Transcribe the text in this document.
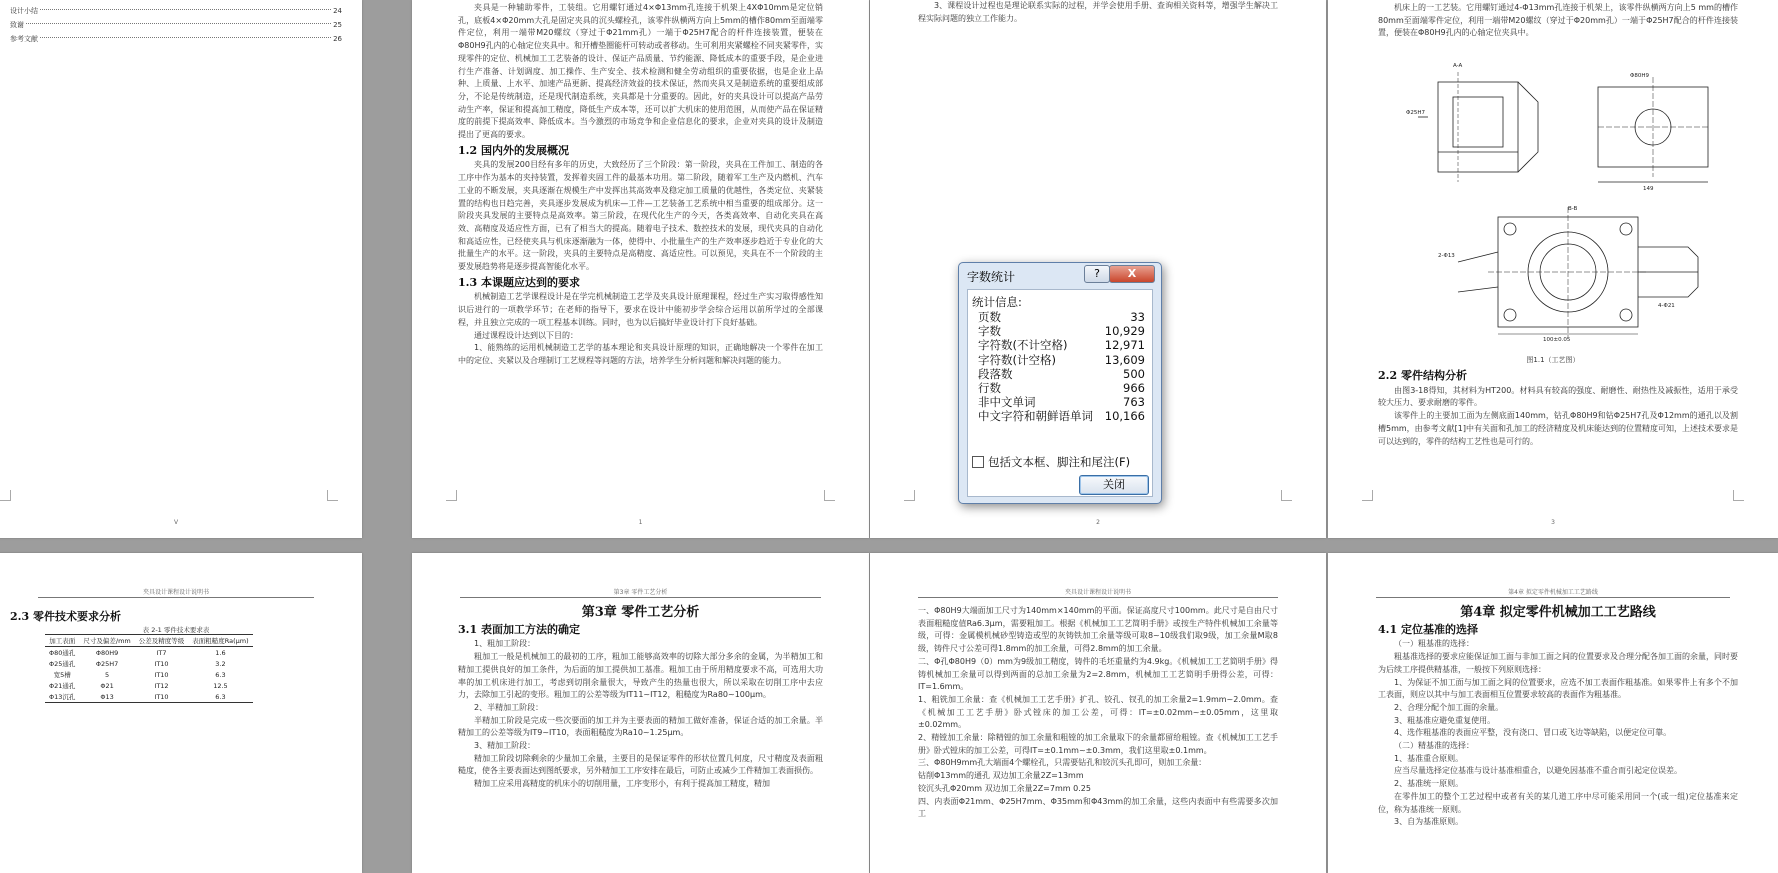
设计小结	24
致谢	25
参考文献	26
V

夹具是一种辅助零件，工装组。它用螺钉通过4×Φ13mm孔连接于机架上4XΦ10mm是定位销孔，底板4×Φ20mm大孔是固定夹具的沉头螺栓孔，该零件纵横两方向上5mm的槽作80mm至面端零件定位，利用一端带M20螺纹（穿过于Φ21mm孔）一端于Φ25H7配合的杆件连接装置，便装在Φ80H9孔内的心轴定位夹具中。和开槽垫圈能杆可转动或者移动。生可利用夹紧螺栓不同夹紧零件，实现零件的定位、机械加工工艺装备的设计、保证产品质量、节约能源、降低成本的重要手段，是企业进行生产准备、计划调度、加工操作、生产安全、技术检测和健全劳动组织的重要依据，也是企业上品种、上质量、上水平、加速产品更新、提高经济效益的技术保证，然而夹具又是制造系统的重要组成部分，不论是传统制造，还是现代制造系统，夹具都是十分重要的。因此，好的夹具设计可以提高产品劳动生产率，保证和提高加工精度，降低生产成本等，还可以扩大机床的使用范围，从而使产品在保证精度的前提下提高效率、降低成本。当今激烈的市场竞争和企业信息化的要求，企业对夹具的设计及制造提出了更高的要求。

1.2 国内外的发展概况

夹具的发展200目经有多年的历史，大致经历了三个阶段：第一阶段，夹具在工件加工、制造的各工序中作为基本的夹持装置，发挥着夹固工件的最基本功用。第二阶段，随着军工生产及内燃机、汽车工业的不断发展，夹具逐渐在规模生产中发挥出其高效率及稳定加工质量的优越性，各类定位、夹紧装置的结构也日趋完善，夹具逐步发展成为机床—工件—工艺装备工艺系统中相当重要的组成部分。这一阶段夹具发展的主要特点是高效率。第三阶段，在现代化生产的今天，各类高效率、自动化夹具在高效、高精度及适应性方面，已有了相当大的提高。随着电子技术、数控技术的发展，现代夹具的自动化和高适应性，已经使夹具与机床逐渐融为一体，使得中、小批量生产的生产效率逐步趋近于专业化的大批量生产的水平。这一阶段，夹具的主要特点是高精度、高适应性。可以预见，夹具在不一个阶段的主要发展趋势将是逐步提高智能化水平。

1.3 本课题应达到的要求

机械制造工艺学课程设计是在学完机械制造工艺学及夹具设计原理课程，经过生产实习取得感性知识后进行的一项教学环节；在老师的指导下，要求在设计中能初步学会综合运用以前所学过的全部课程，并且独立完成的一项工程基本训练。同时，也为以后搞好毕业设计打下良好基础。

通过课程设计达到以下目的：

1、能熟练的运用机械制造工艺学的基本理论和夹具设计原理的知识，正确地解决一个零件在加工中的定位、夹紧以及合理制订工艺规程等问题的方法，培养学生分析问题和解决问题的能力。

1

3、课程设计过程也是理论联系实际的过程，并学会使用手册、查询相关资料等，增强学生解决工程实际问题的独立工作能力。

2

机床上的一工艺装。它用螺钉通过4-Φ13mm孔连接于机架上，该零件纵横两方向上5 mm的槽作80mm至面端零件定位，利用一端带M20螺纹（穿过于Φ20mm孔）一端于Φ25H7配合的杆件连接装置，便装在Φ80H9孔内的心轴定位夹具中。

Φ80H9
149
Φ25H7
2-Φ13
100±0.05
4-Φ21
A-A
B-B
图1.1（工艺图）
2.2 零件结构分析

由图3-18得知，其材料为HT200。材料具有较高的强度、耐磨性、耐热性及减振性，适用于承受较大压力、要求耐磨的零件。

该零件上的主要加工面为左侧底面140mm，钻孔Φ80H9和钻Φ25H7孔及Φ12mm的通孔以及割槽5mm，由参考文献[1]中有关面和孔加工的经济精度及机床能达到的位置精度可知，上述技术要求是可以达到的，零件的结构工艺性也是可行的。

3
夹具设计课程设计说明书
2.3 零件技术要求分析
表 2-1 零件技术要求表
加工表面	尺寸及偏差/mm	公差及精度等级	表面粗糙度Ra(μm)
Φ80通孔	Φ80H9	IT7	1.6
Φ25通孔	Φ25H7	IT10	3.2
宽5槽	5	IT10	6.3
Φ21通孔	Φ21	IT12	12.5
Φ13沉孔	Φ13	IT10	6.3
第3章 零件工艺分析
第3章 零件工艺分析
3.1 表面加工方法的确定

1、粗加工阶段：

粗加工一般是机械加工的最初的工序，粗加工能够高效率的切除大部分多余的金属，为半精加工和精加工提供良好的加工条件，为后面的加工提供加工基准。粗加工由于所用精度要求不高，可选用大功率的加工机床进行加工，考虑到切削余量很大，导致产生的热量也很大，所以采取在切削工序中去应力，去除加工引起的变形。粗加工的公差等级为IT11~IT12，粗糙度为Ra80~100μm。

2、半精加工阶段：

半精加工阶段是完成一些次要面的加工并为主要表面的精加工做好准备，保证合适的加工余量。半精加工的公差等级为IT9~IT10，表面粗糙度为Ra10~1.25μm。

3、精加工阶段：

精加工阶段切除剩余的少量加工余量，主要目的是保证零件的形状位置几何度，尺寸精度及表面粗糙度，使各主要表面达到图纸要求，另外精加工工序安排在最后，可防止或减少工件精加工表面损伤。

精加工应采用高精度的机床小的切削用量，工序变形小，有利于提高加工精度，精加

夹具设计课程设计说明书

一、Φ80H9大端面加工尺寸为140mm×140mm的平面。保证高度尺寸100mm。此尺寸是自由尺寸表面粗糙度值Ra6.3μm，需要粗加工。根据《机械加工工艺简明手册》或按生产特件机械加工余量等级，可得：金属模机械砂型铸造或型的灰铸铁加工余量等级可取8~10级我们取9级，加工余量M取8级，铸件尺寸公差可得1.8mm的加工余量，可得2.8mm的加工余量。

二、Φ孔Φ80H9（0）mm为9级加工精度，铸件的毛坯重量约为4.9kg。《机械加工工艺简明手册》得铸机械加工余量可以得到两面的总加工余量为2=2.8mm，机械加工工艺简明手册得公差，可得：IT=1.6mm。

1、粗铣加工余量：查《机械加工工艺手册》扩孔、铰孔、钗孔的加工余量2=1.9mm~2.0mm。查《机械加工工艺手册》卧式镗床的加工公差，可得：IT=±0.02mm~±0.05mm，这里取±0.02mm。

2、精镗加工余量：除精镗的加工余量和粗镗的加工余量取下的余量都留给粗镗。查《机械加工工艺手册》卧式镗床的加工公差，可得IT=±0.1mm~±0.3mm，我们这里取±0.1mm。

三、Φ80H9mm孔大端面4个螺栓孔，只需要钻孔和铰沉头孔即可，则加工余量：

钻削Φ13mm的通孔 双边加工余量2Z=13mm

铰沉头孔Φ20mm 双边加工余量2Z=7mm 0.25

四、内表面Φ21mm、Φ25H7mm、Φ35mm和Φ43mm的加工余量，这些内表面中有些需要多次加工

第4章 拟定零件机械加工工艺路线
第4章 拟定零件机械加工工艺路线
4.1 定位基准的选择

（一）粗基准的选择：

粗基准选择的要求应能保证加工面与非加工面之间的位置要求及合理分配各加工面的余量，同时要为后续工序提供精基准，一般按下列原则选择：

1、为保证不加工面与加工面之间的位置要求，应选不加工表面作粗基准。如果零件上有多个不加工表面，则应以其中与加工表面相互位置要求较高的表面作为粗基准。

2、合理分配个加工面的余量。

3、粗基准应避免重复使用。

4、选作粗基准的表面应平整，没有浇口、冒口或飞边等缺陷，以便定位可靠。

（二）精基准的选择：

1、基准重合原则。

应当尽量选择定位基准与设计基准相重合，以避免因基准不重合而引起定位误差。

2、基准统一原则。

在零件加工的整个工艺过程中或者有关的某几道工序中尽可能采用同一个(或一组)定位基准来定位，称为基准统一原则。

3、自为基准原则。

字数统计	?	X
统计信息:
页数	33
字数	10,929
字符数(不计空格)	12,971
字符数(计空格)	13,609
段落数	500
行数	966
非中文单词	763
中文字符和朝鲜语单词 10,166
包括文本框、脚注和尾注(F)
关闭
